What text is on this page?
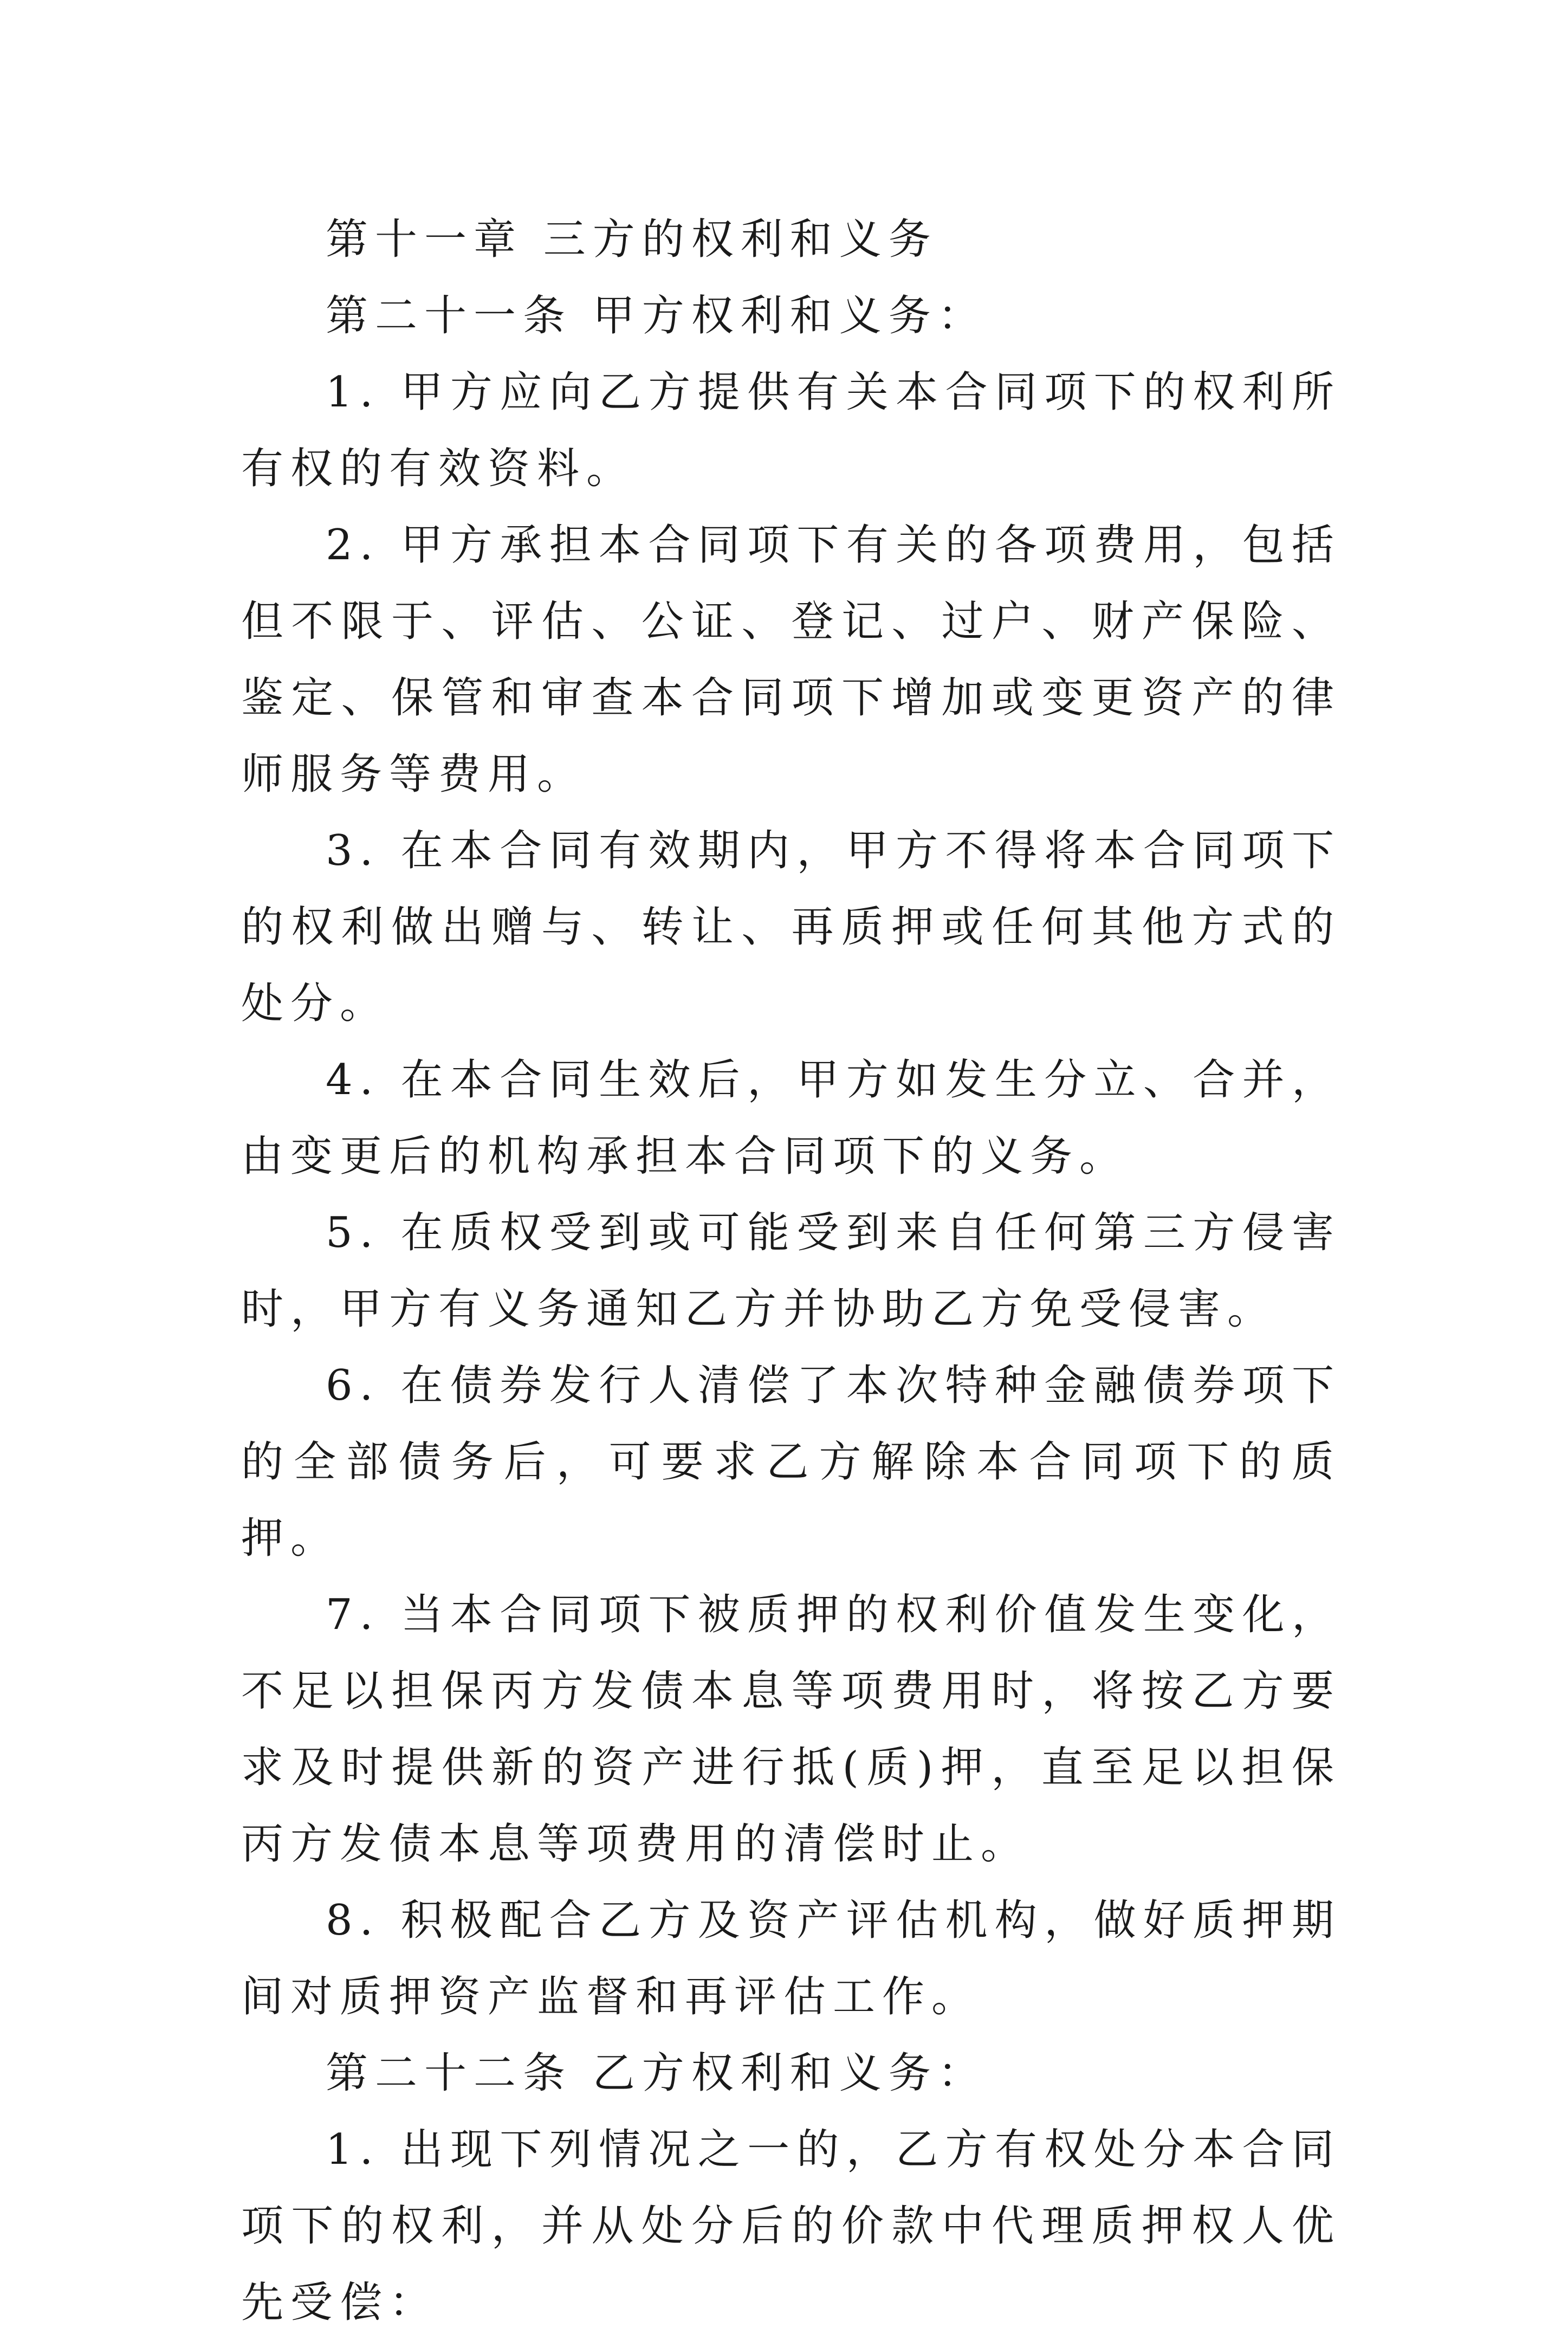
第十一章 三方的权利和义务

第二十一条 甲方权利和义务：

1. 甲方应向乙方提供有关本合同项下的权利所有权的有效资料。

2. 甲方承担本合同项下有关的各项费用，包括但不限于、评估、公证、登记、过户、财产保险、鉴定、保管和审查本合同项下增加或变更资产的律师服务等费用。

3. 在本合同有效期内，甲方不得将本合同项下的权利做出赠与、转让、再质押或任何其他方式的处分。

4. 在本合同生效后，甲方如发生分立、合并，由变更后的机构承担本合同项下的义务。

5. 在质权受到或可能受到来自任何第三方侵害时，甲方有义务通知乙方并协助乙方免受侵害。

6. 在债券发行人清偿了本次特种金融债券项下的全部债务后，可要求乙方解除本合同项下的质押。

7. 当本合同项下被质押的权利价值发生变化，不足以担保丙方发债本息等项费用时，将按乙方要求及时提供新的资产进行抵(质)押，直至足以担保丙方发债本息等项费用的清偿时止。

8. 积极配合乙方及资产评估机构，做好质押期间对质押资产监督和再评估工作。

第二十二条 乙方权利和义务：

1. 出现下列情况之一的，乙方有权处分本合同项下的权利，并从处分后的价款中代理质押权人优先受偿：
